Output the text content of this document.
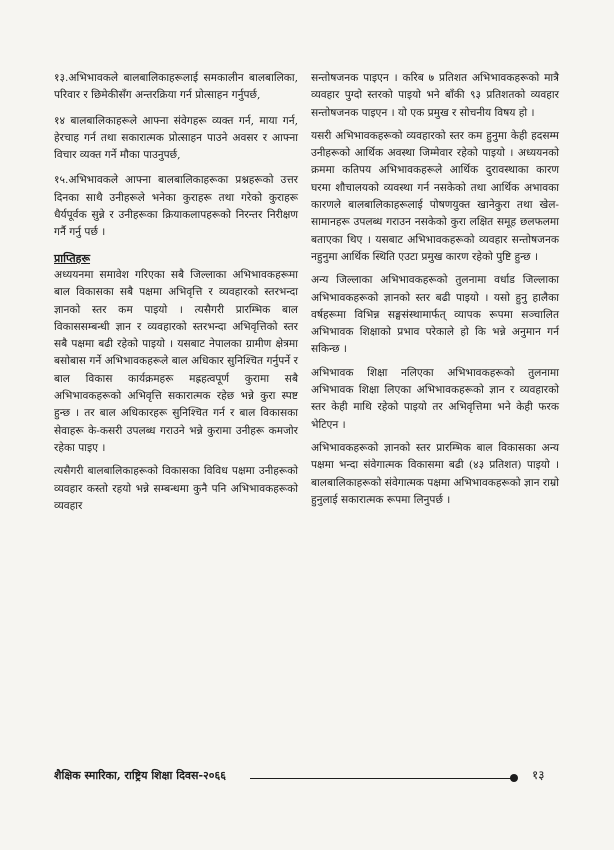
१३.अभिभावकले बालबालिकाहरूलाई समकालीन बालबालिका, परिवार र छिमेकीसँग अन्तरक्रिया गर्न प्रोत्साहन गर्नुपर्छ,

१४ बालबालिकाहरूले आफ्ना संवेगहरू व्यक्त गर्न, माया गर्न, हेरचाह गर्न तथा सकारात्मक प्रोत्साहन पाउने अवसर र आफ्ना विचार व्यक्त गर्ने मौका पाउनुपर्छ,

१५.अभिभावकले आफ्ना बालबालिकाहरूका प्रश्नहरूको उत्तर दिनका साथै उनीहरूले भनेका कुराहरू तथा गरेको कुराहरू धैर्यपूर्वक सुन्ने र उनीहरूका क्रियाकलापहरूको निरन्तर निरीक्षण गर्नै गर्नु पर्छ ।

प्राप्तिहरू

अध्ययनमा समावेश गरिएका सबै जिल्लाका अभिभावकहरूमा बाल विकासका सबै पक्षमा अभिवृत्ति र व्यवहारको स्तरभन्दा ज्ञानको स्तर कम पाइयो । त्यसैगरी प्रारम्भिक बाल विकाससम्बन्धी ज्ञान र व्यवहारको स्तरभन्दा अभिवृत्तिको स्तर सबै पक्षमा बढी रहेको पाइयो । यसबाट नेपालका ग्रामीण क्षेत्रमा बसोबास गर्ने अभिभावकहरूले बाल अधिकार सुनिश्चित गर्नुपर्ने र बाल विकास कार्यक्रमहरू मह्रहत्वपूर्ण कुरामा सबै अभिभावकहरूको अभिवृत्ति सकारात्मक रहेछ भन्ने कुरा स्पष्ट हुन्छ । तर बाल अधिकारहरू सुनिश्चित गर्न र बाल विकासका सेवाहरू के-कसरी उपलब्ध गराउने भन्ने कुरामा उनीहरू कमजोर रहेका पाइए ।

त्यसैगरी बालबालिकाहरूको विकासका विविध पक्षमा उनीहरूको व्यवहार कस्तो रहयो भन्ने सम्बन्धमा कुनै पनि अभिभावकहरूको व्यवहार

सन्तोषजनक पाइएन । करिब ७ प्रतिशत अभिभावकहरूको मात्रै व्यवहार पुग्दो स्तरको पाइयो भने बाँकी ९३ प्रतिशतको व्यवहार सन्तोषजनक पाइएन । यो एक प्रमुख र सोचनीय विषय हो ।

यसरी अभिभावकहरूको व्यवहारको स्तर कम हुनुमा केही हदसम्म उनीहरूको आर्थिक अवस्था जिम्मेवार रहेको पाइयो । अध्ययनको क्रममा कतिपय अभिभावकहरूले आर्थिक दुरावस्थाका कारण घरमा शौचालयको व्यवस्था गर्न नसकेको तथा आर्थिक अभावका कारणले बालबालिकाहरूलाई पोषणयुक्त खानेकुरा तथा खेल-सामानहरू उपलब्ध गराउन नसकेको कुरा लक्षित समूह छलफलमा बताएका थिए । यसबाट अभिभावकहरूको व्यवहार सन्तोषजनक नहुनुमा आर्थिक स्थिति एउटा प्रमुख कारण रहेको पुष्टि हुन्छ ।

अन्य जिल्लाका अभिभावकहरूको तुलनामा वर्धाड जिल्लाका अभिभावकहरूको ज्ञानको स्तर बढी पाइयो । यसो हुनु हालैका वर्षहरूमा विभिन्न सङ्घसंस्थामार्फत् व्यापक रूपमा सञ्चालित अभिभावक शिक्षाको प्रभाव परेकाले हो कि भन्ने अनुमान गर्न सकिन्छ ।

अभिभावक शिक्षा नलिएका अभिभावकहरूको तुलनामा अभिभावक शिक्षा लिएका अभिभावकहरूको ज्ञान र व्यवहारको स्तर केही माथि रहेको पाइयो तर अभिवृत्तिमा भने केही फरक भेटिएन ।

अभिभावकहरूको ज्ञानको स्तर प्रारम्भिक बाल विकासका अन्य पक्षमा भन्दा संवेगात्मक विकासमा बढी (४३ प्रतिशत) पाइयो । बालबालिकाहरूको संवेगात्मक पक्षमा अभिभावकहरूको ज्ञान राम्रो हुनुलाई सकारात्मक रूपमा लिनुपर्छ ।

शैक्षिक स्मारिका, राष्ट्रिय शिक्षा दिवस-२०६६	१३
